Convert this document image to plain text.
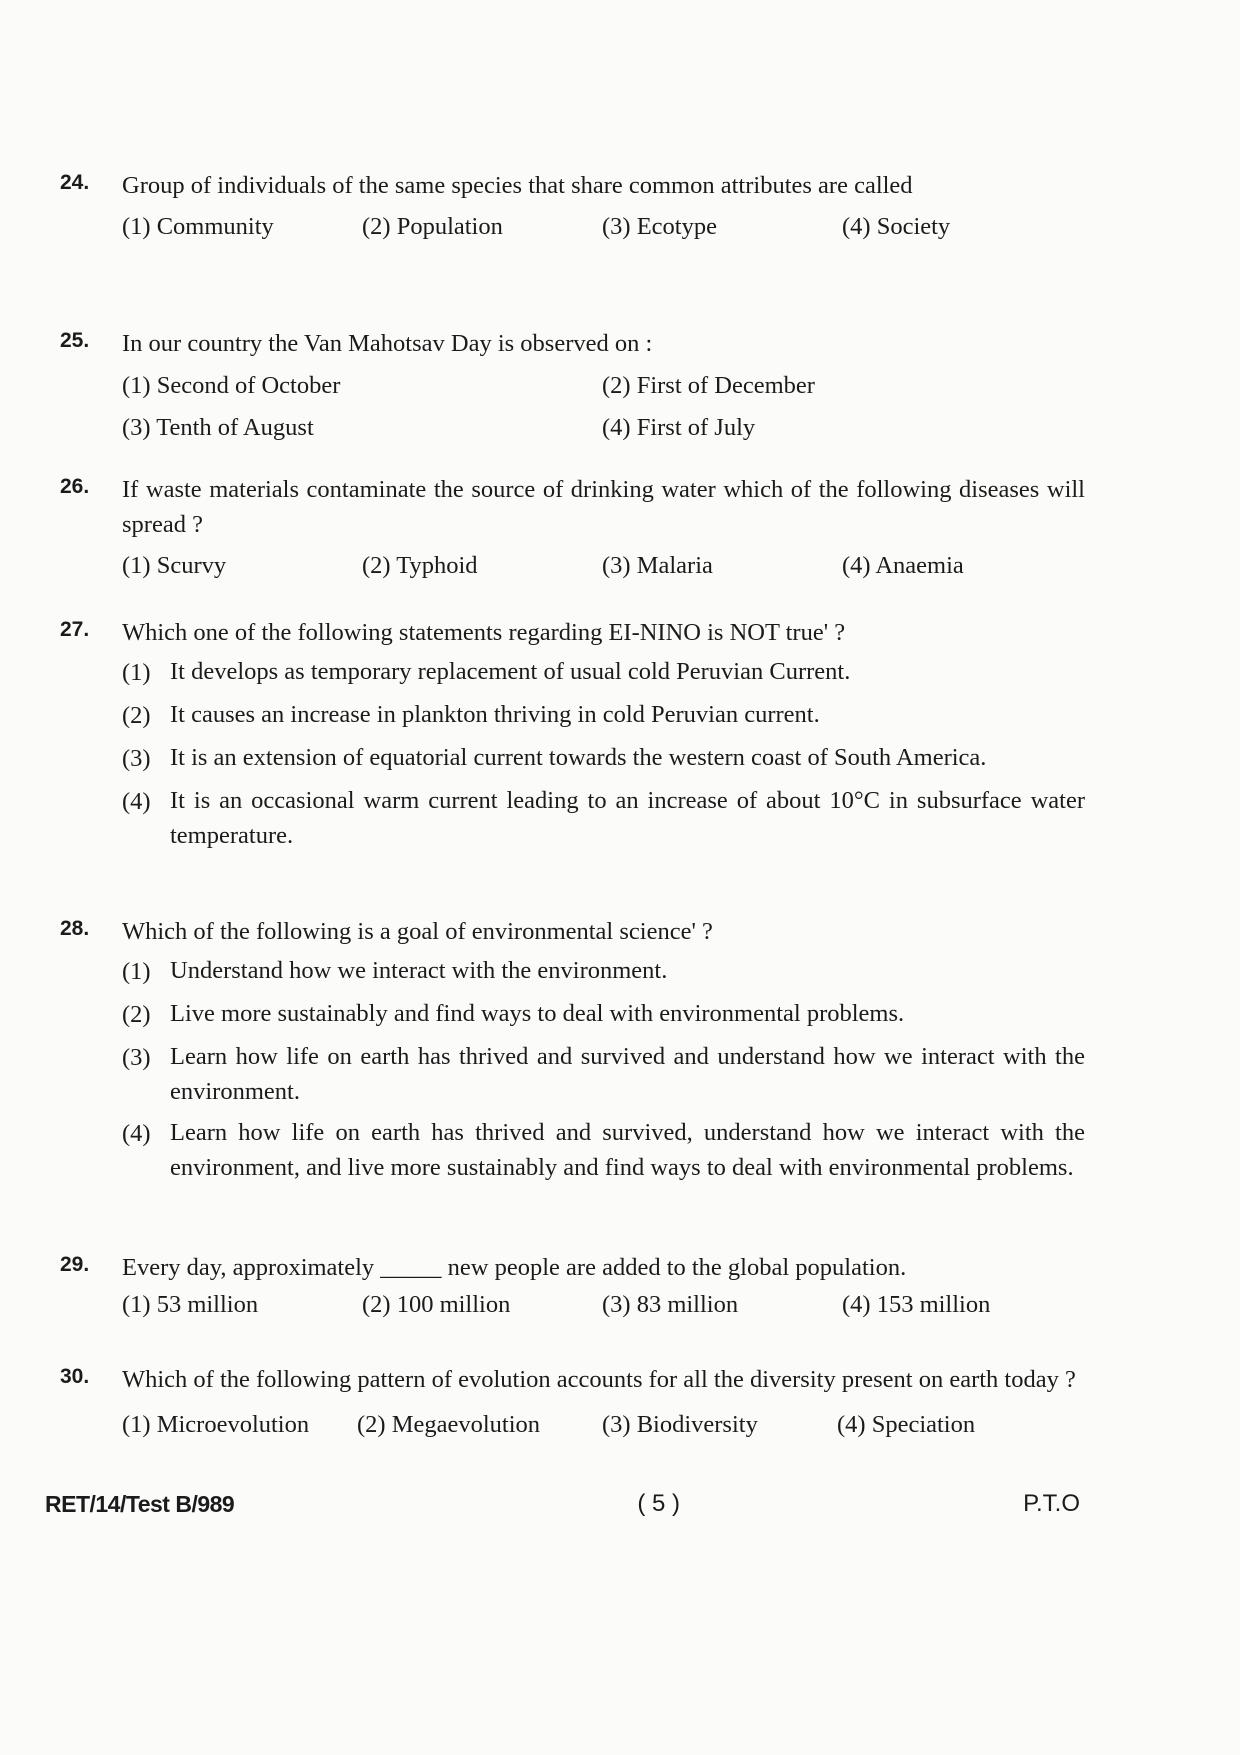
24.	Group of individuals of the same species that share common attributes are called
(1) Community	(2) Population	(3) Ecotype	(4) Society
25.	In our country the Van Mahotsav Day is observed on :
(1) Second of October	(2) First of December
(3) Tenth of August	(4) First of July
26.	If waste materials contaminate the source of drinking water which of the following diseases will spread ?
(1) Scurvy	(2) Typhoid	(3) Malaria	(4) Anaemia
27.	Which one of the following statements regarding EI-NINO is NOT true' ?
(1) It develops as temporary replacement of usual cold Peruvian Current.
(2) It causes an increase in plankton thriving in cold Peruvian current.
(3) It is an extension of equatorial current towards the western coast of South America.
(4) It is an occasional warm current leading to an increase of about 10°C in subsurface water temperature.
28.	Which of the following is a goal of environmental science' ?
(1) Understand how we interact with the environment.
(2) Live more sustainably and find ways to deal with environmental problems.
(3) Learn how life on earth has thrived and survived and understand how we interact with the environment.
(4) Learn how life on earth has thrived and survived, understand how we interact with the environment, and live more sustainably and find ways to deal with environmental problems.
29.	Every day, approximately _____ new people are added to the global population.
(1) 53 million	(2) 100 million	(3) 83 million	(4) 153 million
30.	Which of the following pattern of evolution accounts for all the diversity present on earth today ?
(1) Microevolution	(2) Megaevolution	(3) Biodiversity	(4) Speciation
RET/14/Test B/989	( 5 )	P.T.O
